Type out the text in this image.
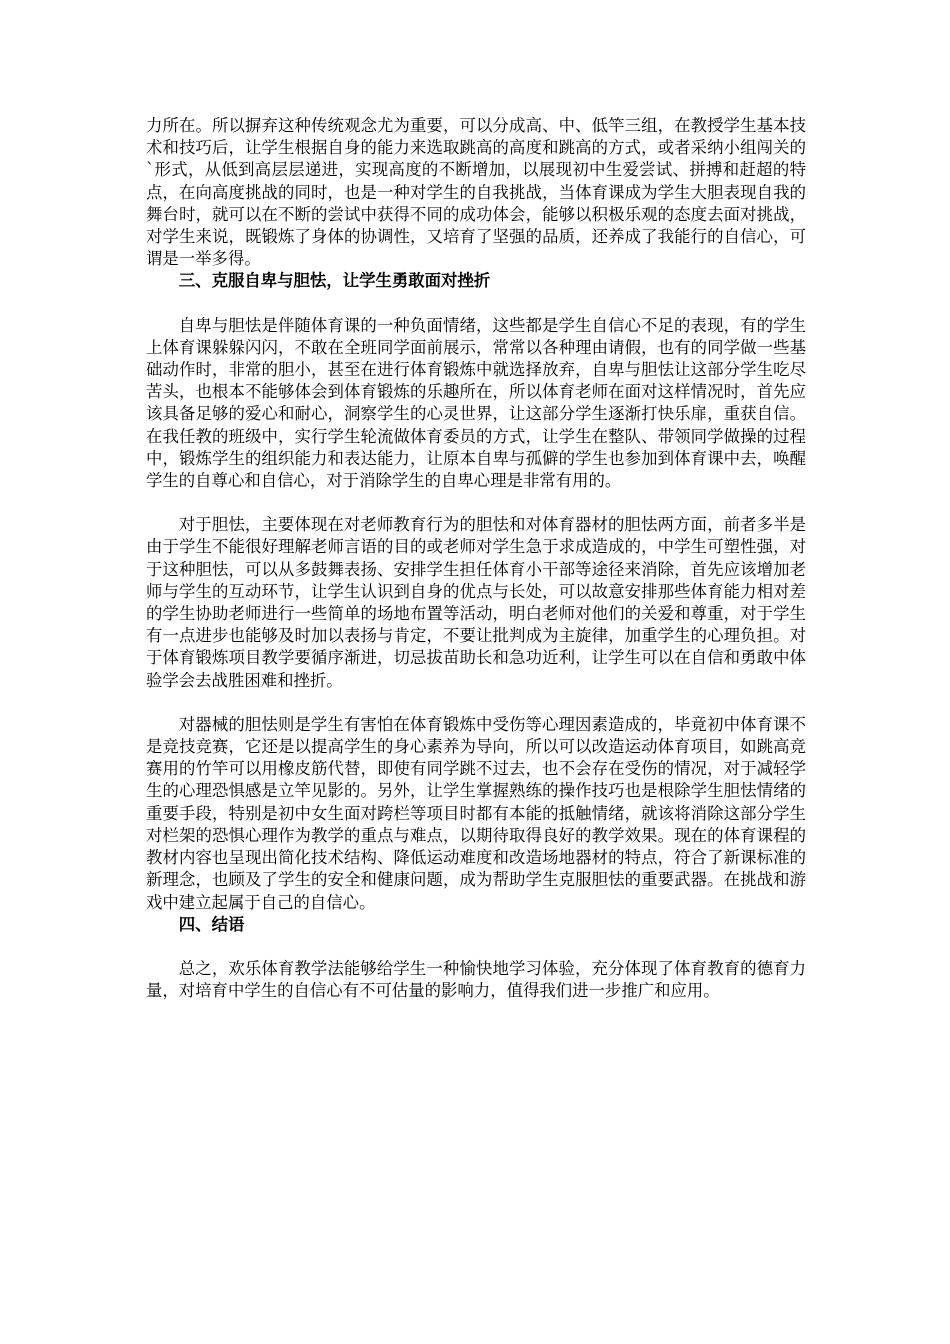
力所在。所以摒弃这种传统观念尤为重要，可以分成高、中、低竿三组，在教授学生基本技术和技巧后，让学生根据自身的能力来选取跳高的高度和跳高的方式，或者采纳小组闯关的`形式，从低到高层层递进，实现高度的不断增加，以展现初中生爱尝试、拼搏和赶超的特点，在向高度挑战的同时，也是一种对学生的自我挑战，当体育课成为学生大胆表现自我的舞台时，就可以在不断的尝试中获得不同的成功体会，能够以积极乐观的态度去面对挑战，对学生来说，既锻炼了身体的协调性，又培育了坚强的品质，还养成了我能行的自信心，可谓是一举多得。

三、克服自卑与胆怯，让学生勇敢面对挫折

自卑与胆怯是伴随体育课的一种负面情绪，这些都是学生自信心不足的表现，有的学生上体育课躲躲闪闪，不敢在全班同学面前展示，常常以各种理由请假，也有的同学做一些基础动作时，非常的胆小，甚至在进行体育锻炼中就选择放弃，自卑与胆怯让这部分学生吃尽苦头，也根本不能够体会到体育锻炼的乐趣所在，所以体育老师在面对这样情况时，首先应该具备足够的爱心和耐心，洞察学生的心灵世界，让这部分学生逐渐打快乐扉，重获自信。在我任教的班级中，实行学生轮流做体育委员的方式，让学生在整队、带领同学做操的过程中，锻炼学生的组织能力和表达能力，让原本自卑与孤僻的学生也参加到体育课中去，唤醒学生的自尊心和自信心，对于消除学生的自卑心理是非常有用的。

对于胆怯，主要体现在对老师教育行为的胆怯和对体育器材的胆怯两方面，前者多半是由于学生不能很好理解老师言语的目的或老师对学生急于求成造成的，中学生可塑性强，对于这种胆怯，可以从多鼓舞表扬、安排学生担任体育小干部等途径来消除，首先应该增加老师与学生的互动环节，让学生认识到自身的优点与长处，可以故意安排那些体育能力相对差的学生协助老师进行一些简单的场地布置等活动，明白老师对他们的关爱和尊重，对于学生有一点进步也能够及时加以表扬与肯定，不要让批判成为主旋律，加重学生的心理负担。对于体育锻炼项目教学要循序渐进，切忌拔苗助长和急功近利，让学生可以在自信和勇敢中体验学会去战胜困难和挫折。

对器械的胆怯则是学生有害怕在体育锻炼中受伤等心理因素造成的，毕竟初中体育课不是竞技竞赛，它还是以提高学生的身心素养为导向，所以可以改造运动体育项目，如跳高竞赛用的竹竿可以用橡皮筋代替，即使有同学跳不过去，也不会存在受伤的情况，对于减轻学生的心理恐惧感是立竿见影的。另外，让学生掌握熟练的操作技巧也是根除学生胆怯情绪的重要手段，特别是初中女生面对跨栏等项目时都有本能的抵触情绪，就该将消除这部分学生对栏架的恐惧心理作为教学的重点与难点，以期待取得良好的教学效果。现在的体育课程的教材内容也呈现出简化技术结构、降低运动难度和改造场地器材的特点，符合了新课标准的新理念，也顾及了学生的安全和健康问题，成为帮助学生克服胆怯的重要武器。在挑战和游戏中建立起属于自己的自信心。

四、结语

总之，欢乐体育教学法能够给学生一种愉快地学习体验，充分体现了体育教育的德育力量，对培育中学生的自信心有不可估量的影响力，值得我们进一步推广和应用。
